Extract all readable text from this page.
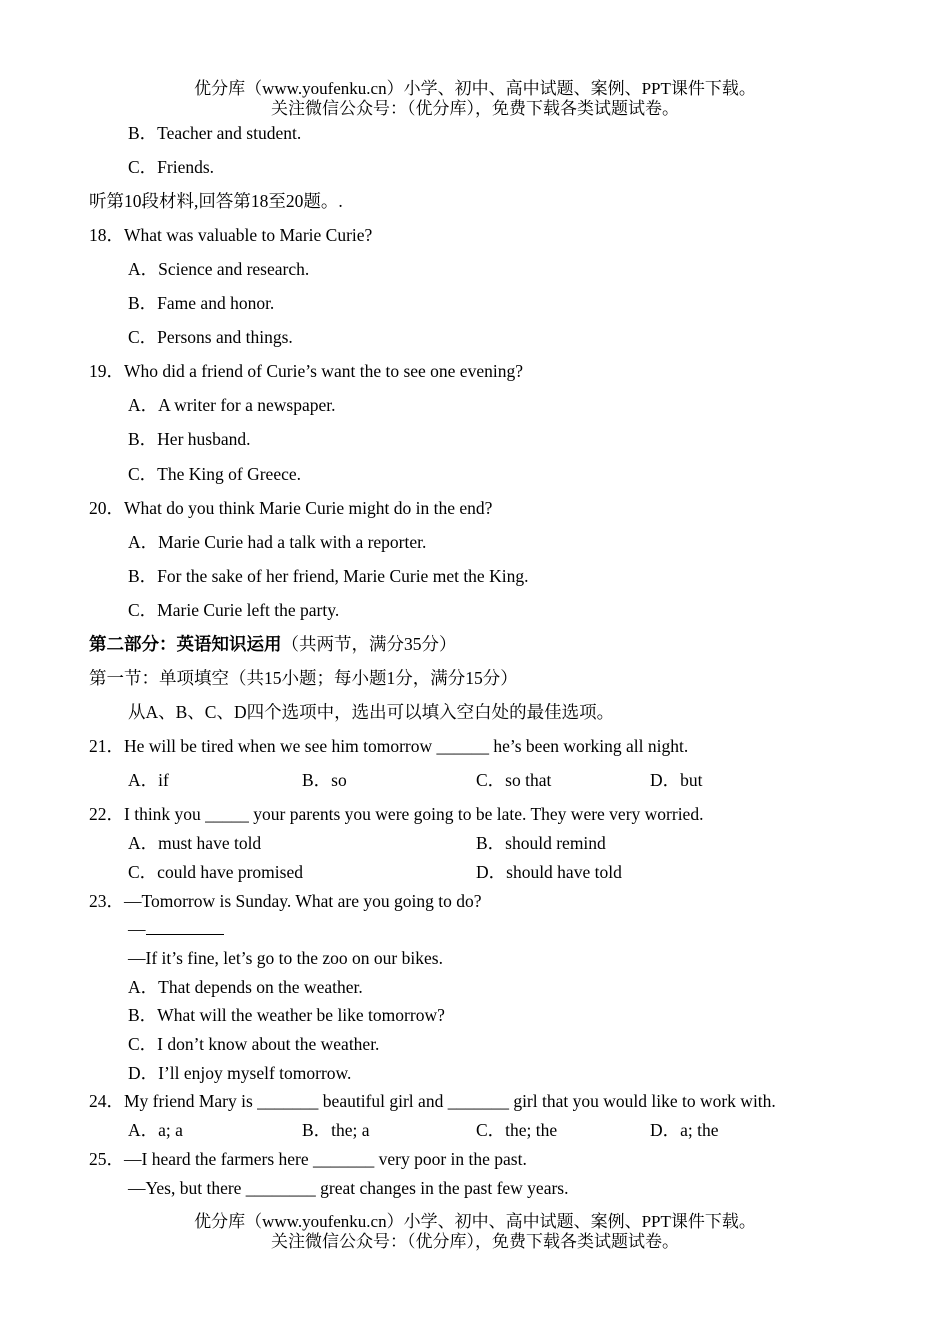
优分库（www.youfenku.cn）小学、初中、高中试题、案例、PPT课件下载。
关注微信公众号：（优分库），免费下载各类试题试卷。
B．Teacher and student.
C．Friends.
听第10段材料,回答第18至20题。.
18．What was valuable to Marie Curie?
A．Science and research.
B．Fame and honor.
C．Persons and things.
19．Who did a friend of Curie’s want the to see one evening?
A．A writer for a newspaper.
B．Her husband.
C．The King of Greece.
20．What do you think Marie Curie might do in the end?
A．Marie Curie had a talk with a reporter.
B．For the sake of her friend, Marie Curie met the King.
C．Marie Curie left the party.
第二部分：英语知识运用（共两节，满分35分）
第一节：单项填空（共15小题；每小题1分，满分15分）
从A、B、C、D四个选项中，选出可以填入空白处的最佳选项。
21．He will be tired when we see him tomorrow ______ he’s been working all night.
A．if	B．so	C．so that	D．but
22．I think you _____ your parents you were going to be late. They were very worried.
A．must have told	B．should remind
C．could have promised	D．should have told
23．—Tomorrow is Sunday. What are you going to do?
—
—If it’s fine, let’s go to the zoo on our bikes.
A．That depends on the weather.
B．What will the weather be like tomorrow?
C．I don’t know about the weather.
D．I’ll enjoy myself tomorrow.
24．My friend Mary is _______ beautiful girl and _______ girl that you would like to work with.
A．a; a	B．the; a	C．the; the	D．a; the
25．—I heard the farmers here _______ very poor in the past.
—Yes, but there ________ great changes in the past few years.
优分库（www.youfenku.cn）小学、初中、高中试题、案例、PPT课件下载。
关注微信公众号：（优分库），免费下载各类试题试卷。
